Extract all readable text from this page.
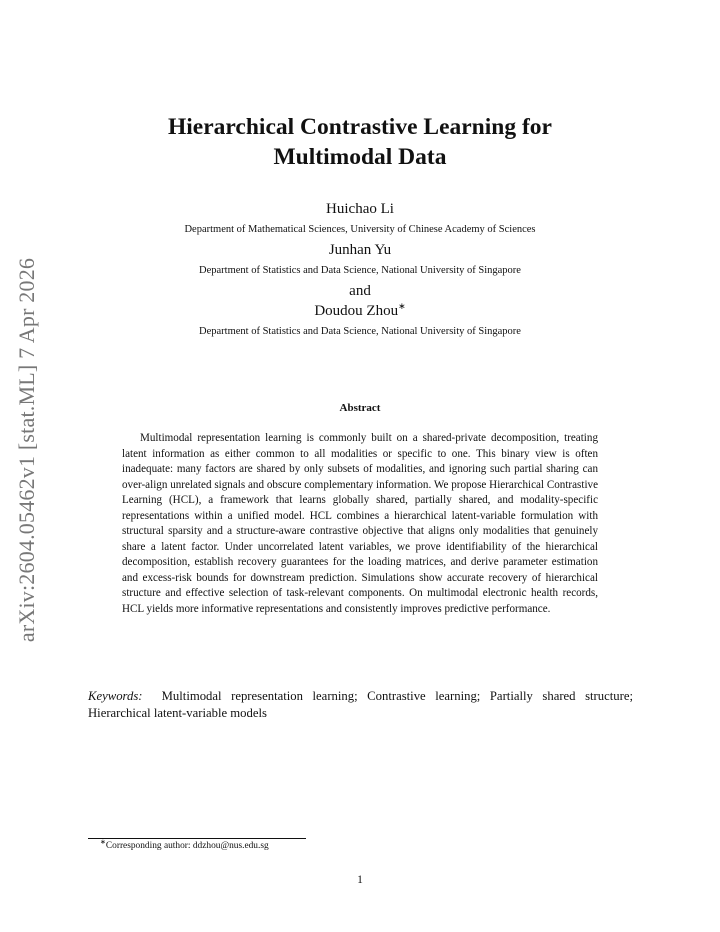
arXiv:2604.05462v1 [stat.ML] 7 Apr 2026
Hierarchical Contrastive Learning for
Multimodal Data
Huichao Li
Department of Mathematical Sciences, University of Chinese Academy of Sciences
Junhan Yu
Department of Statistics and Data Science, National University of Singapore
and
Doudou Zhou∗
Department of Statistics and Data Science, National University of Singapore
Abstract

Multimodal representation learning is commonly built on a shared-private decomposition, treating latent information as either common to all modalities or specific to one. This binary view is often inadequate: many factors are shared by only subsets of modalities, and ignoring such partial sharing can over-align unrelated signals and obscure complementary information. We propose Hierarchical Contrastive Learning (HCL), a framework that learns globally shared, partially shared, and modality-specific representations within a unified model. HCL combines a hierarchical latent-variable formulation with structural sparsity and a structure-aware contrastive objective that aligns only modalities that genuinely share a latent factor. Under uncorrelated latent variables, we prove identifiability of the hierarchical decomposition, establish recovery guarantees for the loading matrices, and derive parameter estimation and excess-risk bounds for downstream prediction. Simulations show accurate recovery of hierarchical structure and effective selection of task-relevant components. On multimodal electronic health records, HCL yields more informative representations and consistently improves predictive performance.

Keywords: Multimodal representation learning; Contrastive learning; Partially shared structure; Hierarchical latent-variable models

∗Corresponding author: ddzhou@nus.edu.sg
1
